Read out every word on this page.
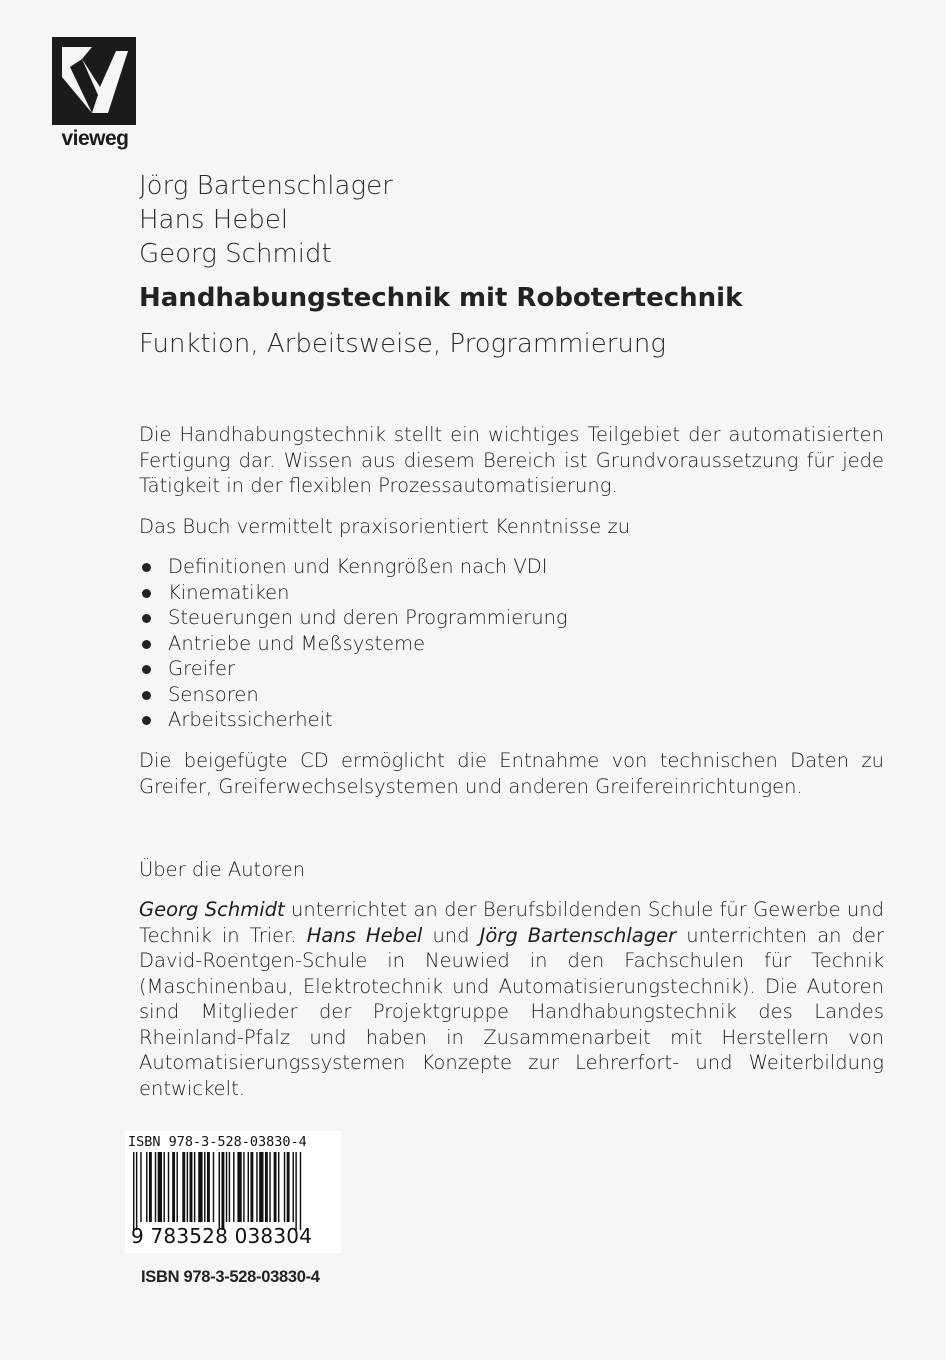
vieweg
Jörg Bartenschlager
Hans Hebel
Georg Schmidt
Handhabungstechnik mit Robotertechnik
Funktion, Arbeitsweise, Programmierung
Die Handhabungstechnik stellt ein wichtiges Teilgebiet der automatisierten Fertigung dar. Wissen aus diesem Bereich ist Grundvoraussetzung für jede Tätigkeit in der flexiblen Prozessautomatisierung.
Das Buch vermittelt praxisorientiert Kenntnisse zu
Definitionen und Kenngrößen nach VDI
Kinematiken
Steuerungen und deren Programmierung
Antriebe und Meßsysteme
Greifer
Sensoren
Arbeitssicherheit
Die beigefügte CD ermöglicht die Entnahme von technischen Daten zu Greifer, Greiferwechselsystemen und anderen Greifereinrichtungen.
Über die Autoren
Georg Schmidt unterrichtet an der Berufsbildenden Schule für Gewerbe und Technik in Trier. Hans Hebel und Jörg Bartenschlager unterrichten an der David-Roentgen-Schule in Neuwied in den Fachschulen für Technik (Maschinenbau, Elektrotechnik und Automatisierungstechnik). Die Autoren sind Mitglieder der Projektgruppe Handhabungstechnik des Landes Rheinland-Pfalz und haben in Zusammenarbeit mit Herstellern von Automatisierungssystemen Konzepte zur Lehrerfort- und Weiterbildung entwickelt.
ISBN 978-3-528-03830-4
9 783528 038304
ISBN 978-3-528-03830-4
